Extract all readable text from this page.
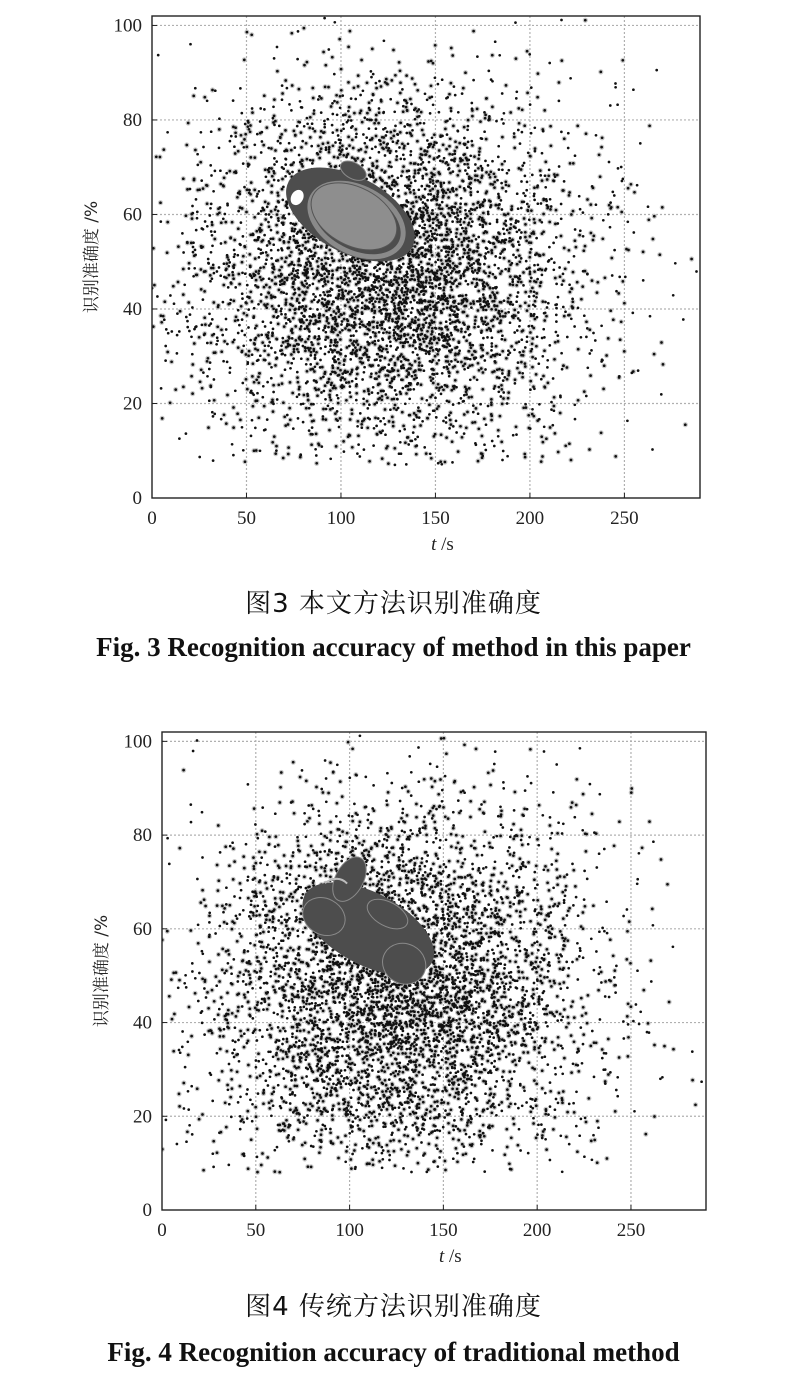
0	50	100	150	200	250
0
20
40
60
80
100
t /s
识别准确度 /%
图3 本文方法识别准确度
Fig. 3 Recognition accuracy of method in this paper
0	50	100	150	200	250
0
20
40
60
80
100
t /s
识别准确度 /%
图4 传统方法识别准确度
Fig. 4 Recognition accuracy of traditional method
